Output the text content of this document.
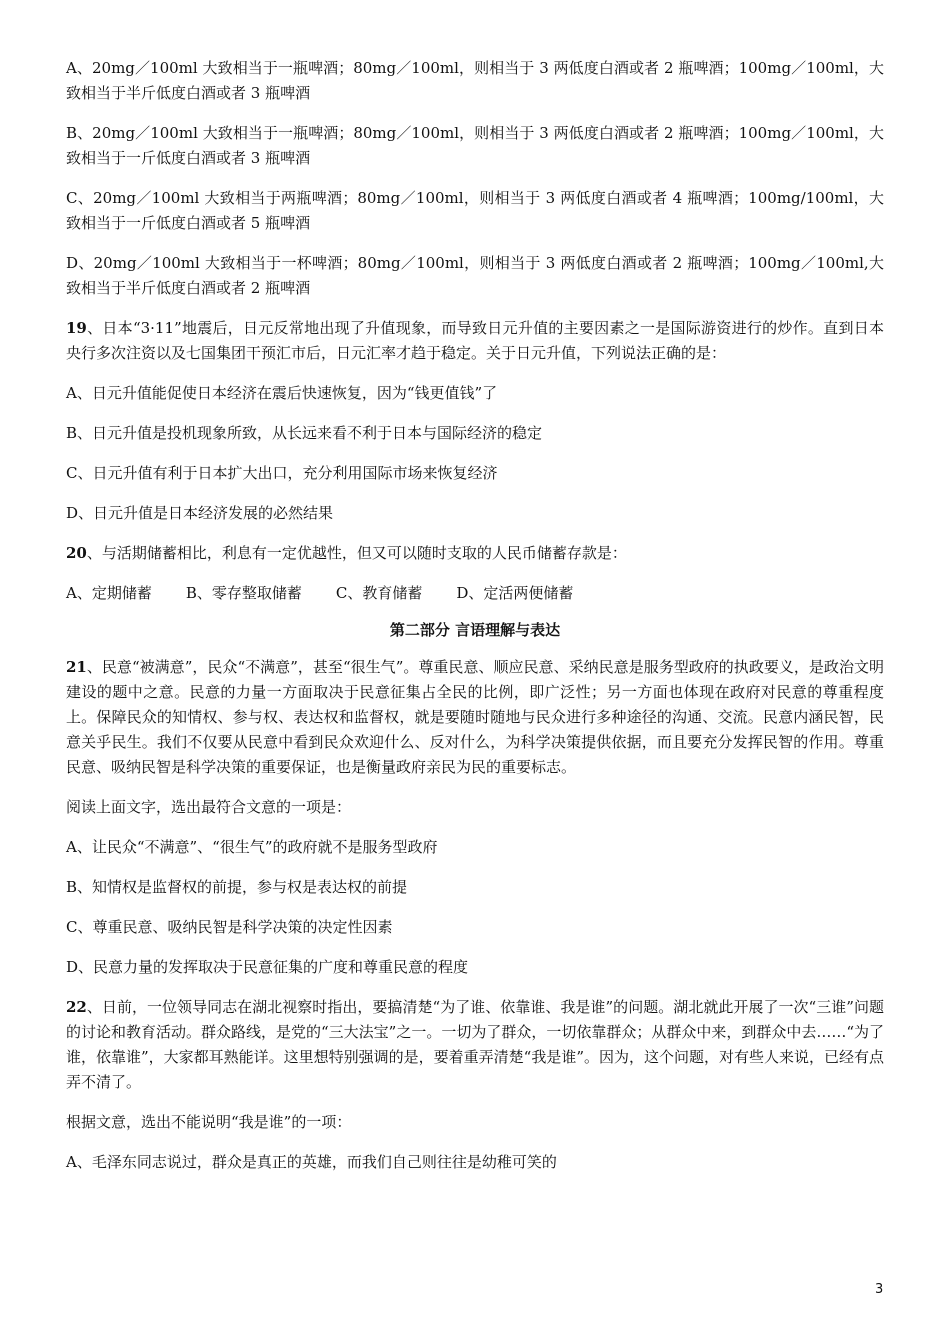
A、20mg／100ml 大致相当于一瓶啤酒；80mg／100ml，则相当于 3 两低度白酒或者 2 瓶啤酒；100mg／100ml，大致相当于半斤低度白酒或者 3 瓶啤酒

B、20mg／100ml 大致相当于一瓶啤酒；80mg／100ml，则相当于 3 两低度白酒或者 2 瓶啤酒；100mg／100ml，大致相当于一斤低度白酒或者 3 瓶啤酒

C、20mg／100ml 大致相当于两瓶啤酒；80mg／100ml，则相当于 3 两低度白酒或者 4 瓶啤酒；100mg/100ml，大致相当于一斤低度白酒或者 5 瓶啤酒

D、20mg／100ml 大致相当于一杯啤酒；80mg／100ml，则相当于 3 两低度白酒或者 2 瓶啤酒；100mg／100ml,大致相当于半斤低度白酒或者 2 瓶啤酒

19、日本“3·11”地震后，日元反常地出现了升值现象，而导致日元升值的主要因素之一是国际游资进行的炒作。直到日本央行多次注资以及七国集团干预汇市后，日元汇率才趋于稳定。关于日元升值，下列说法正确的是：

A、日元升值能促使日本经济在震后快速恢复，因为“钱更值钱”了

B、日元升值是投机现象所致，从长远来看不利于日本与国际经济的稳定

C、日元升值有利于日本扩大出口，充分利用国际市场来恢复经济

D、日元升值是日本经济发展的必然结果

20、与活期储蓄相比，利息有一定优越性，但又可以随时支取的人民币储蓄存款是：

A、定期储蓄 B、零存整取储蓄 C、教育储蓄 D、定活两便储蓄
第二部分 言语理解与表达

21、民意“被满意”，民众“不满意”，甚至“很生气”。尊重民意、顺应民意、采纳民意是服务型政府的执政要义，是政治文明建设的题中之意。民意的力量一方面取决于民意征集占全民的比例，即广泛性；另一方面也体现在政府对民意的尊重程度上。保障民众的知情权、参与权、表达权和监督权，就是要随时随地与民众进行多种途径的沟通、交流。民意内涵民智，民意关乎民生。我们不仅要从民意中看到民众欢迎什么、反对什么，为科学决策提供依据，而且要充分发挥民智的作用。尊重民意、吸纳民智是科学决策的重要保证，也是衡量政府亲民为民的重要标志。

阅读上面文字，选出最符合文意的一项是：

A、让民众“不满意”、“很生气”的政府就不是服务型政府

B、知情权是监督权的前提，参与权是表达权的前提

C、尊重民意、吸纳民智是科学决策的决定性因素

D、民意力量的发挥取决于民意征集的广度和尊重民意的程度

22、日前，一位领导同志在湖北视察时指出，要搞清楚“为了谁、依靠谁、我是谁”的问题。湖北就此开展了一次“三谁”问题的讨论和教育活动。群众路线，是党的“三大法宝”之一。一切为了群众，一切依靠群众；从群众中来，到群众中去……“为了谁，依靠谁”，大家都耳熟能详。这里想特别强调的是，要着重弄清楚“我是谁”。因为，这个问题，对有些人来说，已经有点弄不清了。

根据文意，选出不能说明“我是谁”的一项：

A、毛泽东同志说过，群众是真正的英雄，而我们自己则往往是幼稚可笑的

3
